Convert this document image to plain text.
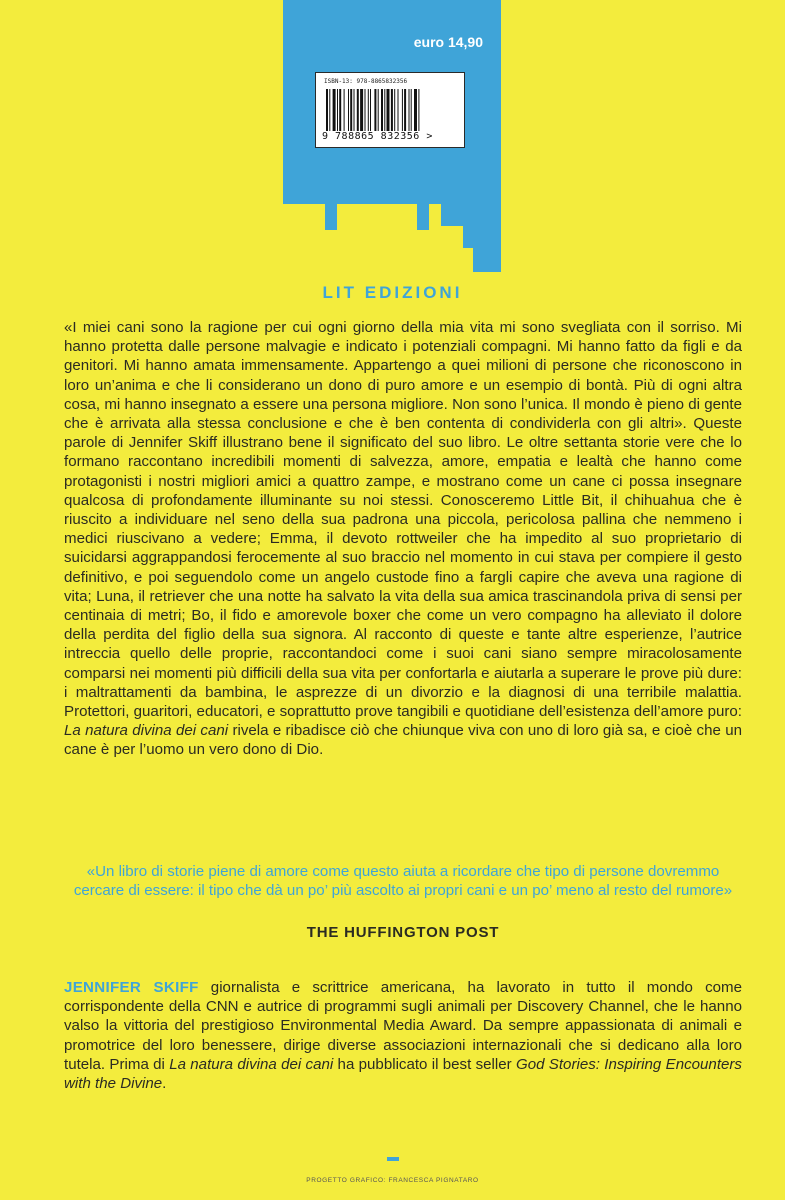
euro 14,90
ISBN-13: 978-8865832356
9 788865 832356 >
LIT EDIZIONI
«I miei cani sono la ragione per cui ogni giorno della mia vita mi sono svegliata con il sorriso. Mi hanno protetta dalle persone malvagie e indicato i potenziali compagni. Mi hanno fatto da figli e da genitori. Mi hanno amata immensamente. Appartengo a quei milioni di persone che riconoscono in loro un’anima e che li considerano un dono di puro amore e un esempio di bontà. Più di ogni altra cosa, mi hanno insegnato a essere una persona migliore. Non sono l’unica. Il mondo è pieno di gente che è arrivata alla stessa conclusione e che è ben contenta di condividerla con gli altri». Queste parole di Jennifer Skiff illustrano bene il significato del suo libro. Le oltre settanta storie vere che lo formano raccontano incredibili momenti di salvezza, amore, empatia e lealtà che hanno come protagonisti i nostri migliori amici a quattro zampe, e mostrano come un cane ci possa insegnare qualcosa di profondamente illuminante su noi stessi. Conosceremo Little Bit, il chihuahua che è riuscito a individuare nel seno della sua padrona una piccola, pericolosa pallina che nemmeno i medici riuscivano a vedere; Emma, il devoto rottweiler che ha impedito al suo proprietario di suicidarsi aggrappandosi ferocemente al suo braccio nel momento in cui stava per compiere il gesto definitivo, e poi seguendolo come un angelo custode fino a fargli capire che aveva una ragione di vita; Luna, il retriever che una notte ha salvato la vita della sua amica trascinandola priva di sensi per centinaia di metri; Bo, il fido e amorevole boxer che come un vero compagno ha alleviato il dolore della perdita del figlio della sua signora. Al racconto di queste e tante altre esperienze, l’autrice intreccia quello delle proprie, raccontandoci come i suoi cani siano sempre miracolosamente comparsi nei momenti più difficili della sua vita per confortarla e aiutarla a superare le prove più dure: i maltrattamenti da bambina, le asprezze di un divorzio e la diagnosi di una terribile malattia. Protettori, guaritori, educatori, e soprattutto prove tangibili e quotidiane dell’esistenza dell’amore puro: La natura divina dei cani rivela e ribadisce ciò che chiunque viva con uno di loro già sa, e cioè che un cane è per l’uomo un vero dono di Dio.
«Un libro di storie piene di amore come questo aiuta a ricordare che tipo di persone dovremmo cercare di essere: il tipo che dà un po’ più ascolto ai propri cani e un po’ meno al resto del rumore»
THE HUFFINGTON POST
JENNIFER SKIFF giornalista e scrittrice americana, ha lavorato in tutto il mondo come corrispondente della CNN e autrice di programmi sugli animali per Discovery Channel, che le hanno valso la vittoria del prestigioso Environmental Media Award. Da sempre appassionata di animali e promotrice del loro benessere, dirige diverse associazioni internazionali che si dedicano alla loro tutela. Prima di La natura divina dei cani ha pubblicato il best seller God Stories: Inspiring Encounters with the Divine.
PROGETTO GRAFICO: FRANCESCA PIGNATARO
